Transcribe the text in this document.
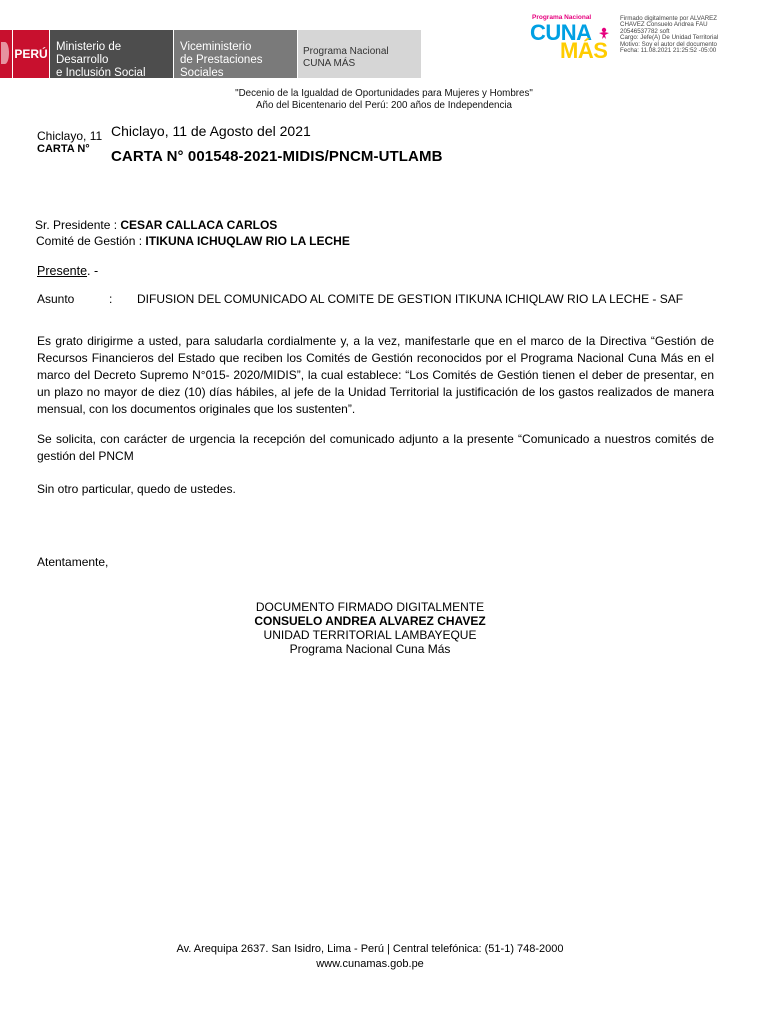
PERÚ Ministerio de Desarrollo
e Inclusión Social
Viceministerio
de Prestaciones Sociales
Programa Nacional
CUNA MÁS
Programa Nacional
CUNA
MÁS
Firmado digitalmente por ALVAREZ
CHAVEZ Consuelo Andrea FAU
20546537782 soft
Cargo: Jefe(A) De Unidad Territorial
Motivo: Soy el autor del documento
Fecha: 11.08.2021 21:25:52 -05:00
"Decenio de la Igualdad de Oportunidades para Mujeres y Hombres"
Año del Bicentenario del Perú: 200 años de Independencia
Chiclayo, 11 Chiclayo, 11 de Agosto del 2021
CARTA N° CARTA N° 001548-2021-MIDIS/PNCM-UTLAMB
Sr. Presidente : CESAR CALLACA CARLOS
Comité de Gestión : ITIKUNA ICHUQLAW RIO LA LECHE
Presente. -
Asunto	: DIFUSION DEL COMUNICADO AL COMITE DE GESTION ITIKUNA ICHIQLAW RIO LA LECHE - SAF
Es grato dirigirme a usted, para saludarla cordialmente y, a la vez, manifestarle que en el marco de la Directiva “Gestión de Recursos Financieros del Estado que reciben los Comités de Gestión reconocidos por el Programa Nacional Cuna Más en el marco del Decreto Supremo N°015- 2020/MIDIS”, la cual establece: “Los Comités de Gestión tienen el deber de presentar, en un plazo no mayor de diez (10) días hábiles, al jefe de la Unidad Territorial la justificación de los gastos realizados de manera mensual, con los documentos originales que los sustenten”.
Se solicita, con carácter de urgencia la recepción del comunicado adjunto a la presente “Comunicado a nuestros comités de gestión del PNCM
Sin otro particular, quedo de ustedes.
Atentamente,
DOCUMENTO FIRMADO DIGITALMENTE
CONSUELO ANDREA ALVAREZ CHAVEZ
UNIDAD TERRITORIAL LAMBAYEQUE
Programa Nacional Cuna Más
Av. Arequipa 2637. San Isidro, Lima - Perú | Central telefónica: (51-1) 748-2000
www.cunamas.gob.pe
